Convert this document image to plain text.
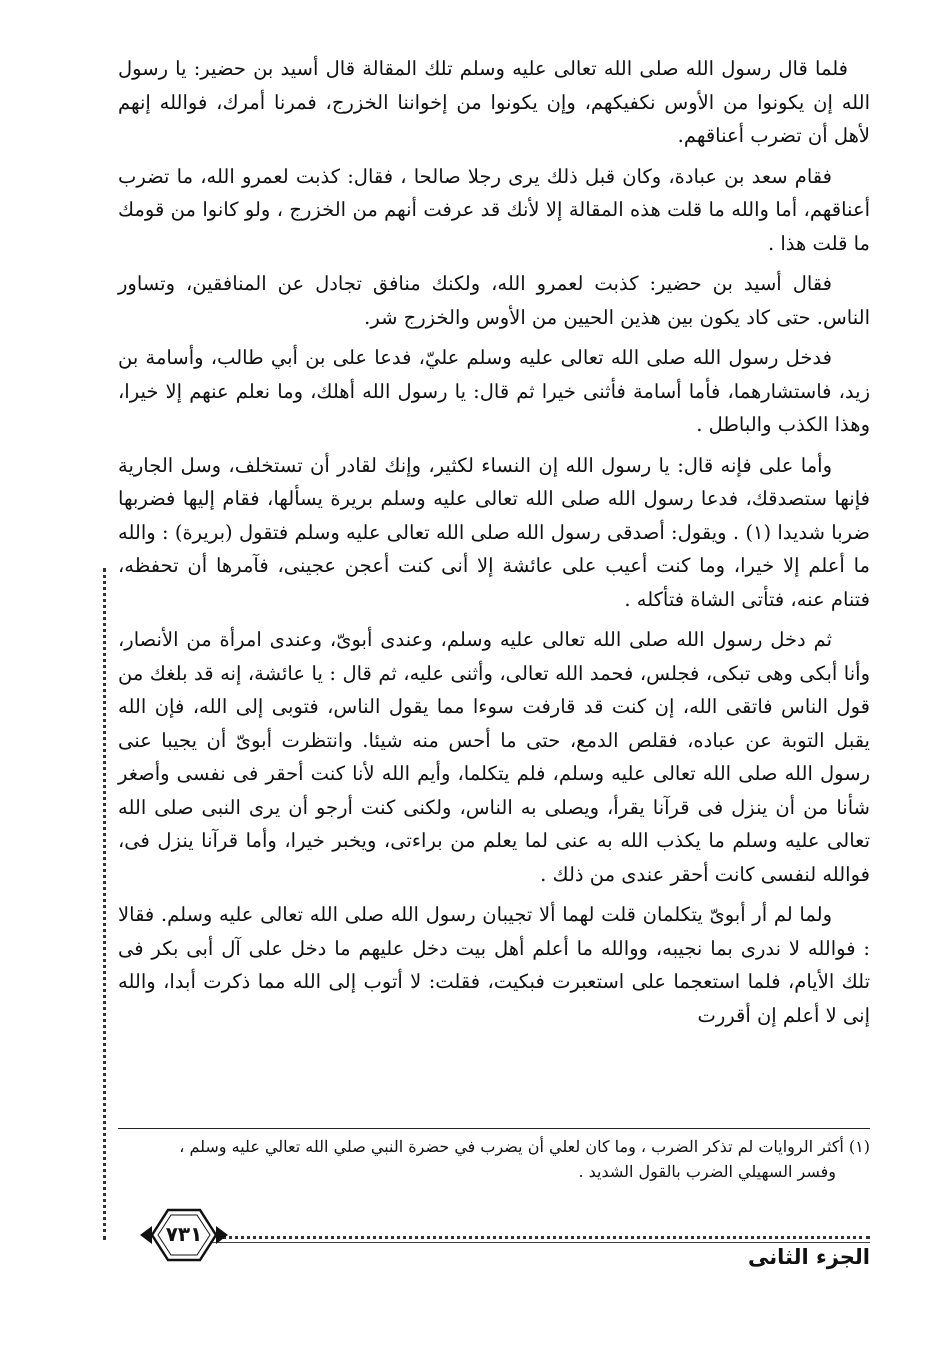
فلما قال رسول الله صلى الله تعالى عليه وسلم تلك المقالة قال أسيد بن حضير: يا رسول الله إن يكونوا من الأوس نكفيكهم، وإن يكونوا من إخواننا الخزرج، فمرنا أمرك، فوالله إنهم لأهل أن تضرب أعناقهم.

فقام سعد بن عبادة، وكان قبل ذلك يرى رجلا صالحا ، فقال: كذبت لعمرو الله، ما تضرب أعناقهم، أما والله ما قلت هذه المقالة إلا لأنك قد عرفت أنهم من الخزرج ، ولو كانوا من قومك ما قلت هذا .

فقال أسيد بن حضير: كذبت لعمرو الله، ولكنك منافق تجادل عن المنافقين، وتساور الناس. حتى كاد يكون بين هذين الحيين من الأوس والخزرج شر.

فدخل رسول الله صلى الله تعالى عليه وسلم عليّ، فدعا على بن أبي طالب، وأسامة بن زيد، فاستشارهما، فأما أسامة فأثنى خيرا ثم قال: يا رسول الله أهلك، وما نعلم عنهم إلا خيرا، وهذا الكذب والباطل .

وأما على فإنه قال: يا رسول الله إن النساء لكثير، وإنك لقادر أن تستخلف، وسل الجارية فإنها ستصدقك، فدعا رسول الله صلى الله تعالى عليه وسلم بريرة يسألها، فقام إليها فضربها ضربا شديدا (١) . ويقول: أصدقى رسول الله صلى الله تعالى عليه وسلم فتقول (بريرة) : والله ما أعلم إلا خيرا، وما كنت أعيب على عائشة إلا أنى كنت أعجن عجينى، فآمرها أن تحفظه، فتنام عنه، فتأتى الشاة فتأكله .

ثم دخل رسول الله صلى الله تعالى عليه وسلم، وعندى أبوىّ، وعندى امرأة من الأنصار، وأنا أبكى وهى تبكى، فجلس، فحمد الله تعالى، وأثنى عليه، ثم قال : يا عائشة، إنه قد بلغك من قول الناس فاتقى الله، إن كنت قد قارفت سوءا مما يقول الناس، فتوبى إلى الله، فإن الله يقبل التوبة عن عباده، فقلص الدمع، حتى ما أحس منه شيئا. وانتظرت أبوىّ أن يجيبا عنى رسول الله صلى الله تعالى عليه وسلم، فلم يتكلما، وأيم الله لأنا كنت أحقر فى نفسى وأصغر شأنا من أن ينزل فى قرآنا يقرأ، ويصلى به الناس، ولكنى كنت أرجو أن يرى النبى صلى الله تعالى عليه وسلم ما يكذب الله به عنى لما يعلم من براءتى، ويخبر خيرا، وأما قرآنا ينزل فى، فوالله لنفسى كانت أحقر عندى من ذلك .

ولما لم أر أبوىّ يتكلمان قلت لهما ألا تجيبان رسول الله صلى الله تعالى عليه وسلم. فقالا : فوالله لا ندرى بما نجيبه، ووالله ما أعلم أهل بيت دخل عليهم ما دخل على آل أبى بكر فى تلك الأيام، فلما استعجما على استعبرت فبكيت، فقلت: لا أتوب إلى الله مما ذكرت أبدا، والله إنى لا أعلم إن أقررت

(١) أكثر الروايات لم تذكر الضرب ، وما كان لعلي أن يضرب في حضرة النبي صلي الله تعالي عليه وسلم ،

وفسر السهيلي الضرب بالقول الشديد .

الجزء الثانى
٧٣١
